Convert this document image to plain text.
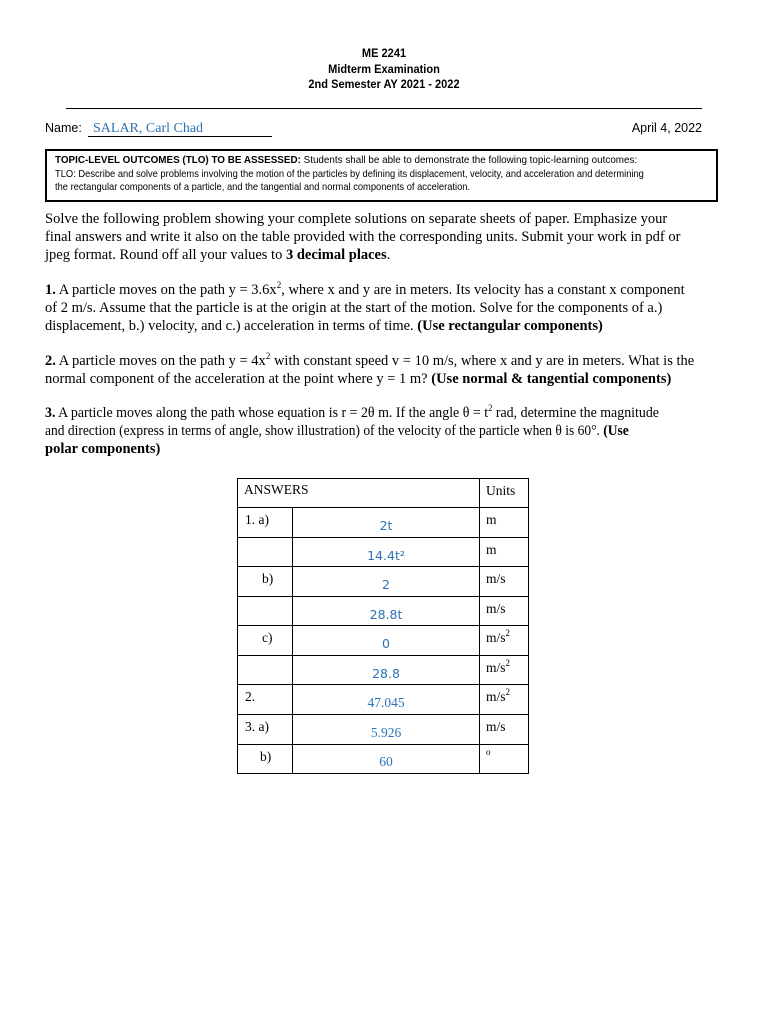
ME 2241
Midterm Examination
2nd Semester AY 2021 - 2022
Name: SALAR, Carl Chad	April 4, 2022
TOPIC-LEVEL OUTCOMES (TLO) TO BE ASSESSED: Students shall be able to demonstrate the following topic-learning outcomes:
TLO: Describe and solve problems involving the motion of the particles by defining its displacement, velocity, and acceleration and determining
the rectangular components of a particle, and the tangential and normal components of acceleration.
Solve the following problem showing your complete solutions on separate sheets of paper. Emphasize your
final answers and write it also on the table provided with the corresponding units. Submit your work in pdf or
jpeg format. Round off all your values to 3 decimal places.
1. A particle moves on the path $y = 3.6x^2$, where x and y are in meters. Its velocity has a constant x component
of 2 m/s. Assume that the particle is at the origin at the start of the motion. Solve for the components of a.)
displacement, b.) velocity, and c.) acceleration in terms of time. (Use rectangular components)
2. A particle moves on the path $y = 4x^2$ with constant speed v = 10 m/s, where x and y are in meters. What is the
normal component of the acceleration at the point where y = 1 m? (Use normal & tangential components)
3. A particle moves along the path whose equation is r = 2θ m. If the angle $\theta = t^2$ rad, determine the magnitude
and direction (express in terms of angle, show illustration) of the velocity of the particle when θ is 60°. (Use
polar components)
ANSWERS		Units

1. a)	2t	m

	14.4t²	m

b)	2	m/s

	28.8t	m/s

c)	0	$m/s^2$

	28.8	$m/s^2$

2.	47.045	$m/s^2$

3. a)	5.926	m/s

b)	60	$^o$
